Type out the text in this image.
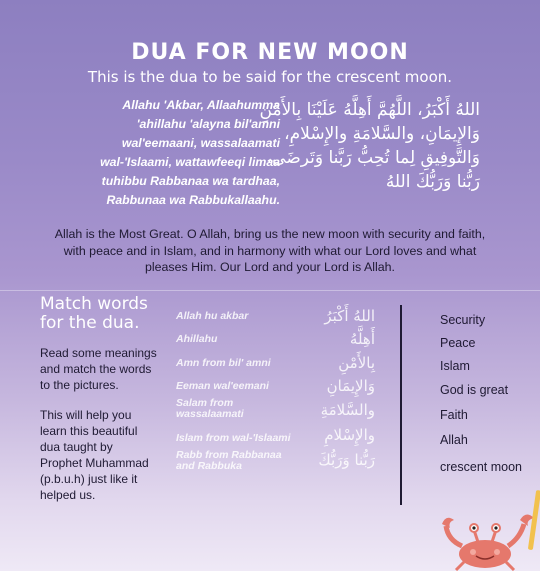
DUA FOR NEW MOON
This is the dua to be said for the crescent moon.
Allahu 'Akbar, Allaahumma
'ahillahu 'alayna bil'amni
wal'eemaani, wassalaamati
wal-'Islaami, wattawfeeqi limaa
tuhibbu Rabbanaa wa tardhaa,
Rabbunaa wa Rabbukallaahu.
اللهُ أَكْبَرُ، اللَّهُمَّ أَهِلَّهُ عَلَيْنَا بِالأَمْنِ
وَالإِيمَانِ، والسَّلامَةِ والإِسْلامِ،
وَالتَّوفِيقِ لِما تُحِبُّ رَبَّنا وَتَرضَى،
رَبُّنا وَرَبُّكَ اللهُ
Allah is the Most Great. O Allah, bring us the new moon with security and faith,
with peace and in Islam, and in harmony with what our Lord loves and what
pleases Him. Our Lord and your Lord is Allah.
Match words
for the dua.
Read some meanings
and match the words
to the pictures.
This will help you
learn this beautiful
dua taught by
Prophet Muhammad
(p.b.u.h) just like it
helped us.
Allah hu akbar
Ahillahu
Amn from bil' amni
Eeman wal'eemani
Salam from
wassalaamati
Islam from wal-'Islaami
Rabb from Rabbanaa
and Rabbuka
اللهُ أَكْبَرُ
أَهِلَّهُ
بِالأَمْنِ
وَالإِيمَانِ
والسَّلامَةِ
والإِسْلامِ
رَبُّنا وَرَبُّكَ
Security
Peace
Islam
God is great
Faith
Allah
crescent moon
